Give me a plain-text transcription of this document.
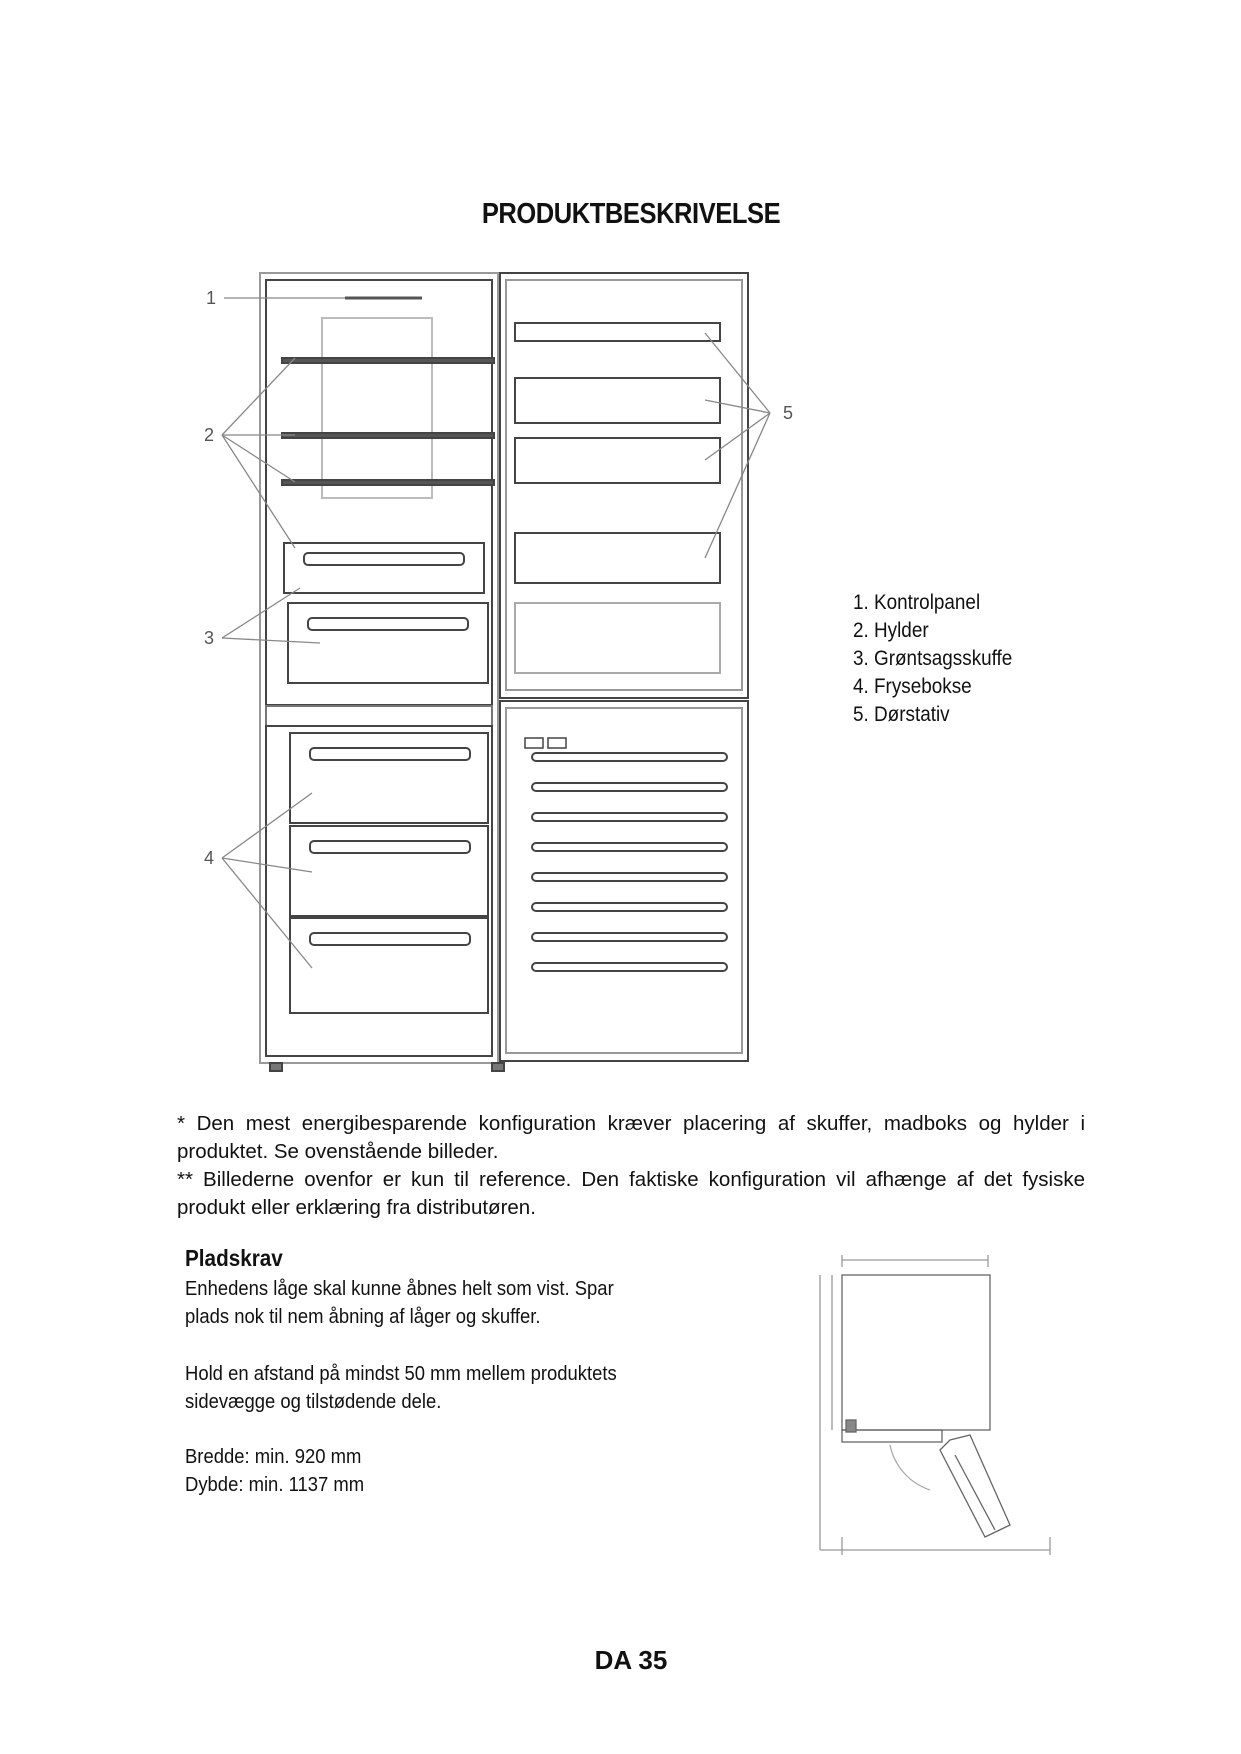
PRODUKTBESKRIVELSE
1
2
3
4
5
1. Kontrolpanel
2. Hylder
3. Grøntsagsskuffe
4. Frysebokse
5. Dørstativ

* Den mest energibesparende konfiguration kræver placering af skuffer, madboks og hylder i produktet. Se ovenstående billeder.

** Billederne ovenfor er kun til reference. Den faktiske konfiguration vil afhænge af det fysiske produkt eller erklæring fra distributøren.

Pladskrav
Enhedens låge skal kunne åbnes helt som vist. Spar
plads nok til nem åbning af låger og skuffer.
Hold en afstand på mindst 50 mm mellem produktets
sidevægge og tilstødende dele.
Bredde: min. 920 mm
Dybde: min. 1137 mm
DA 35
